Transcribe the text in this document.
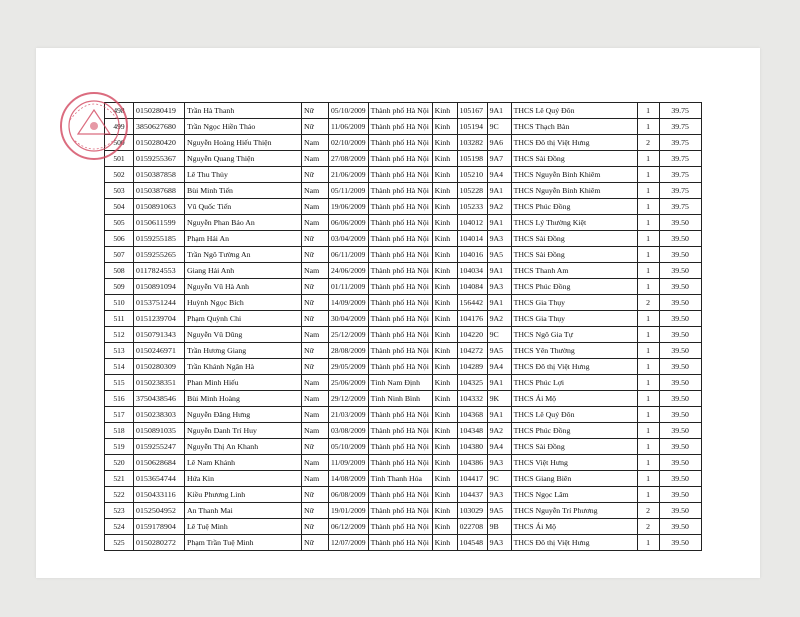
498	0150280419	Trần Hà Thanh	Nữ	05/10/2009	Thành phố Hà Nội	Kinh	105167	9A1	THCS Lê Quý Đôn	1	39.75
499	3850627680	Trần Ngọc Hiền Thảo	Nữ	11/06/2009	Thành phố Hà Nội	Kinh	105194	9C	THCS Thạch Bàn	1	39.75
500	0150280420	Nguyễn Hoàng Hiếu Thiện	Nam	02/10/2009	Thành phố Hà Nội	Kinh	103282	9A6	THCS Đô thị Việt Hưng	2	39.75
501	0159255367	Nguyễn Quang Thiện	Nam	27/08/2009	Thành phố Hà Nội	Kinh	105198	9A7	THCS Sài Đồng	1	39.75
502	0150387858	Lê Thu Thủy	Nữ	21/06/2009	Thành phố Hà Nội	Kinh	105210	9A4	THCS Nguyễn Bỉnh Khiêm	1	39.75
503	0150387688	Bùi Minh Tiến	Nam	05/11/2009	Thành phố Hà Nội	Kinh	105228	9A1	THCS Nguyễn Bỉnh Khiêm	1	39.75
504	0150891063	Vũ Quốc Tiến	Nam	19/06/2009	Thành phố Hà Nội	Kinh	105233	9A2	THCS Phúc Đồng	1	39.75
505	0150611599	Nguyễn Phan Bảo An	Nam	06/06/2009	Thành phố Hà Nội	Kinh	104012	9A1	THCS Lý Thường Kiệt	1	39.50
506	0159255185	Phạm Hải An	Nữ	03/04/2009	Thành phố Hà Nội	Kinh	104014	9A3	THCS Sài Đồng	1	39.50
507	0159255265	Trần Ngô Tường An	Nữ	06/11/2009	Thành phố Hà Nội	Kinh	104016	9A5	THCS Sài Đồng	1	39.50
508	0117824553	Giang Hải Anh	Nam	24/06/2009	Thành phố Hà Nội	Kinh	104034	9A1	THCS Thanh Am	1	39.50
509	0150891094	Nguyễn Vũ Hà Anh	Nữ	01/11/2009	Thành phố Hà Nội	Kinh	104084	9A3	THCS Phúc Đồng	1	39.50
510	0153751244	Huỳnh Ngọc Bích	Nữ	14/09/2009	Thành phố Hà Nội	Kinh	156442	9A1	THCS Gia Thụy	2	39.50
511	0151239704	Phạm Quỳnh Chi	Nữ	30/04/2009	Thành phố Hà Nội	Kinh	104176	9A2	THCS Gia Thụy	1	39.50
512	0150791343	Nguyễn Vũ Dũng	Nam	25/12/2009	Thành phố Hà Nội	Kinh	104220	9C	THCS Ngô Gia Tự	1	39.50
513	0150246971	Trần Hương Giang	Nữ	28/08/2009	Thành phố Hà Nội	Kinh	104272	9A5	THCS Yên Thường	1	39.50
514	0150280309	Trần Khánh Ngân Hà	Nữ	29/05/2009	Thành phố Hà Nội	Kinh	104289	9A4	THCS Đô thị Việt Hưng	1	39.50
515	0150238351	Phan Minh Hiếu	Nam	25/06/2009	Tỉnh Nam Định	Kinh	104325	9A1	THCS Phúc Lợi	1	39.50
516	3750438546	Bùi Minh Hoàng	Nam	29/12/2009	Tỉnh Ninh Bình	Kinh	104332	9K	THCS Ái Mộ	1	39.50
517	0150238303	Nguyễn Đăng Hưng	Nam	21/03/2009	Thành phố Hà Nội	Kinh	104368	9A1	THCS Lê Quý Đôn	1	39.50
518	0150891035	Nguyễn Danh Trí Huy	Nam	03/08/2009	Thành phố Hà Nội	Kinh	104348	9A2	THCS Phúc Đồng	1	39.50
519	0159255247	Nguyễn Thị An Khanh	Nữ	05/10/2009	Thành phố Hà Nội	Kinh	104380	9A4	THCS Sài Đồng	1	39.50
520	0150628684	Lê Nam Khánh	Nam	11/09/2009	Thành phố Hà Nội	Kinh	104386	9A3	THCS Việt Hưng	1	39.50
521	0153654744	Hứa Kin	Nam	14/08/2009	Tỉnh Thanh Hóa	Kinh	104417	9C	THCS Giang Biên	1	39.50
522	0150433116	Kiều Phương Linh	Nữ	06/08/2009	Thành phố Hà Nội	Kinh	104437	9A3	THCS Ngọc Lâm	1	39.50
523	0152504952	An Thanh Mai	Nữ	19/01/2009	Thành phố Hà Nội	Kinh	103029	9A5	THCS Nguyễn Trí Phương	2	39.50
524	0159178904	Lê Tuệ Minh	Nữ	06/12/2009	Thành phố Hà Nội	Kinh	022708	9B	THCS Ái Mộ	2	39.50
525	0150280272	Phạm Trần Tuệ Minh	Nữ	12/07/2009	Thành phố Hà Nội	Kinh	104548	9A3	THCS Đô thị Việt Hưng	1	39.50
